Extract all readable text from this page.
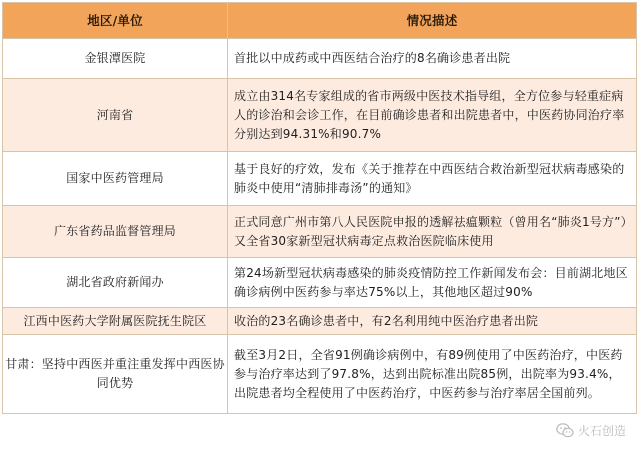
地区/单位	情况描述
金银潭医院	首批以中成药或中西医结合治疗的8名确诊患者出院
河南省	成立由314名专家组成的省市两级中医技术指导组，全方位参与轻重症病人的诊治和会诊工作，在目前确诊患者和出院患者中，中医药协同治疗率分别达到94.31%和90.7%
国家中医药管理局	基于良好的疗效，发布《关于推荐在中西医结合救治新型冠状病毒感染的肺炎中使用“清肺排毒汤”的通知》
广东省药品监督管理局	正式同意广州市第八人民医院申报的透解祛瘟颗粒（曾用名“肺炎1号方”）又全省30家新型冠状病毒定点救治医院临床使用
湖北省政府新闻办	第24场新型冠状病毒感染的肺炎疫情防控工作新闻发布会：目前湖北地区确诊病例中医药参与率达75%以上，其他地区超过90%
江西中医药大学附属医院抚生院区	收治的23名确诊患者中，有2名利用纯中医治疗患者出院
甘肃：坚持中西医并重注重发挥中西医协同优势	截至3月2日，全省91例确诊病例中，有89例使用了中医药治疗，中医药参与治疗率达到了97.8%，达到出院标准出院85例，出院率为93.4%，出院患者均全程使用了中医药治疗，中医药参与治疗率居全国前列。
火石创造
